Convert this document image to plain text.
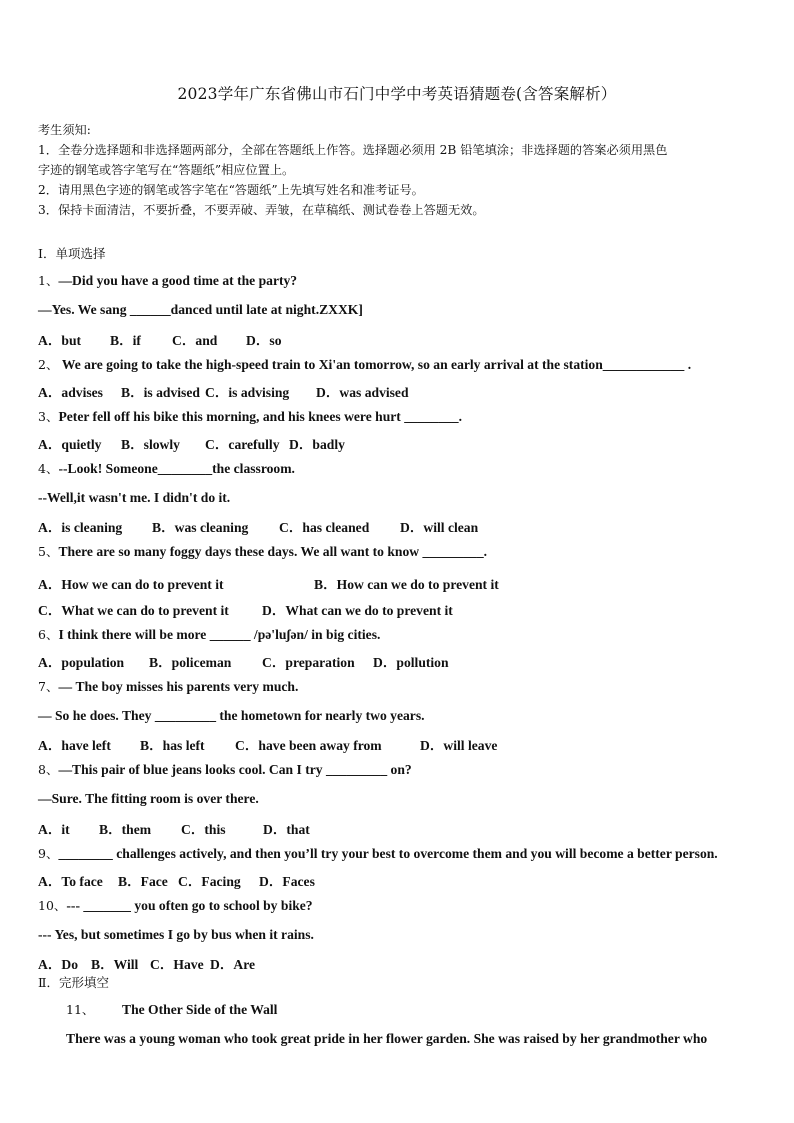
2023学年广东省佛山市石门中学中考英语猜题卷(含答案解析）
考生须知:
1．全卷分选择题和非选择题两部分，全部在答题纸上作答。选择题必须用 2B 铅笔填涂；非选择题的答案必须用黑色
字迹的钢笔或答字笔写在“答题纸”相应位置上。
2．请用黑色字迹的钢笔或答字笔在“答题纸”上先填写姓名和准考证号。
3．保持卡面清洁，不要折叠，不要弄破、弄皱，在草稿纸、测试卷卷上答题无效。
Ⅰ．单项选择
1、—Did you have a good time at the party?
—Yes. We sang ______danced until late at night.ZXXK]
A．but B．if C．and D．so
2、 We are going to take the high-speed train to Xi'an tomorrow, so an early arrival at the station____________ .
A．advises B．is advised C．is advising D．was advised
3、Peter fell off his bike this morning, and his knees were hurt ________.
A．quietly B．slowly C．carefully D．badly
4、--Look! Someone________the classroom.
--Well,it wasn't me. I didn't do it.
A．is cleaning B．was cleaning C．has cleaned D．will clean
5、There are so many foggy days these days. We all want to know _________.
A．How we can do to prevent it	B．How can we do to prevent it
C．What we can do to prevent it D．What can we do to prevent it
6、I think there will be more ______ /pə'luʃən/ in big cities.
A．population B．policeman C．preparation D．pollution
7、— The boy misses his parents very much.
— So he does. They _________ the hometown for nearly two years.
A．have left B．has left C．have been away from	D．will leave
8、—This pair of blue jeans looks cool. Can I try _________ on?
—Sure. The fitting room is over there.
A．it B．them C．this	D．that
9、________ challenges actively, and then you’ll try your best to overcome them and you will become a better person.
A．To face B．Face C．Facing D．Faces
10、--- _______ you often go to school by bike?
--- Yes, but sometimes I go by bus when it rains.
A．Do B．Will C．Have D．Are
Ⅱ．完形填空
11、 The Other Side of the Wall
There was a young woman who took great pride in her flower garden. She was raised by her grandmother who
